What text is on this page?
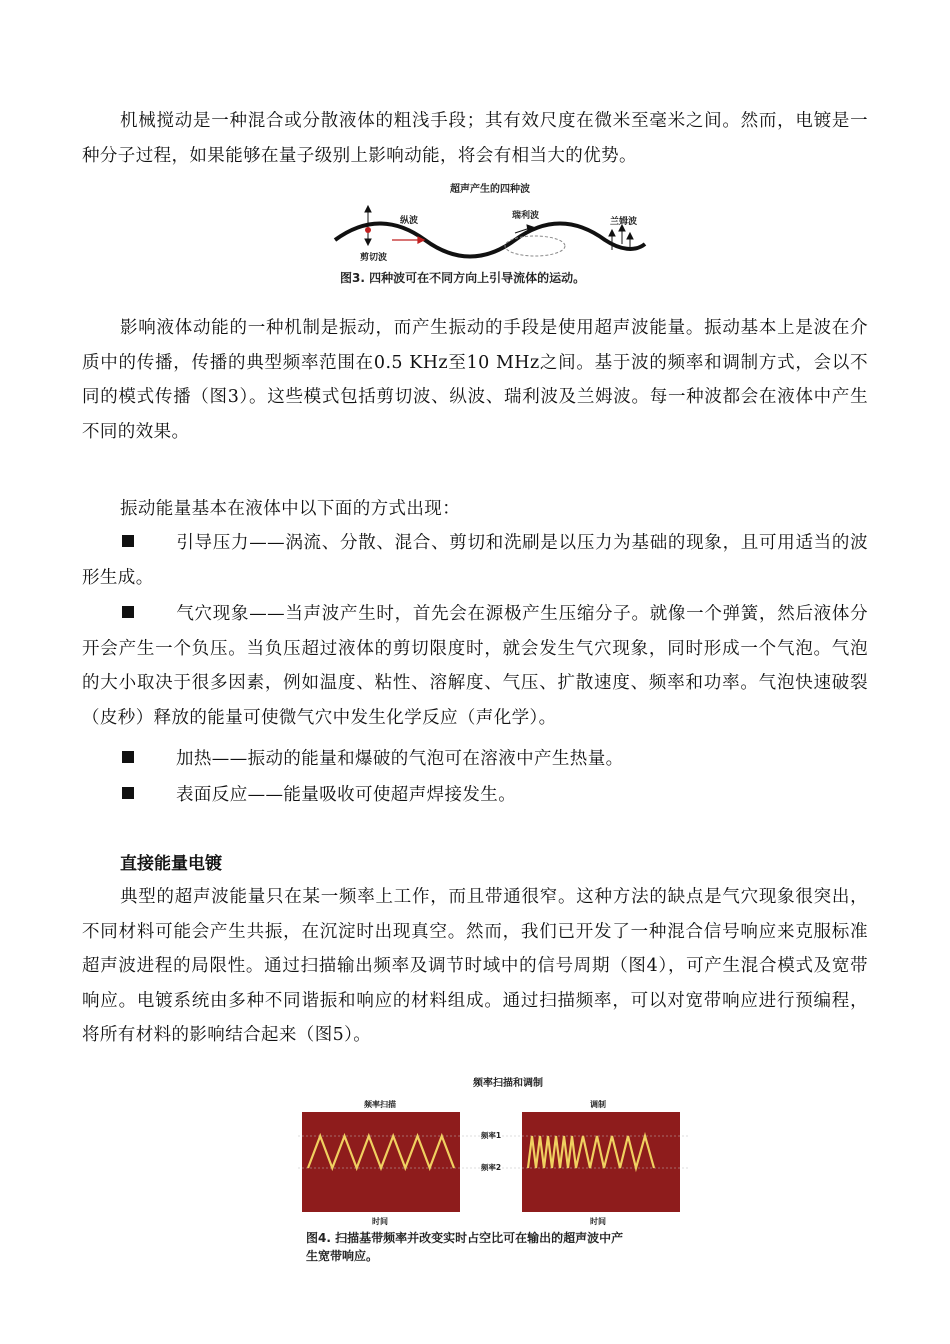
机械搅动是一种混合或分散液体的粗浅手段；其有效尺度在微米至毫米之间。然而，电镀是一种分子过程，如果能够在量子级别上影响动能，将会有相当大的优势。

超声产生的四种波
纵波	瑞利波
兰姆波
剪切波
图3. 四种波可在不同方向上引导流体的运动。

影响液体动能的一种机制是振动，而产生振动的手段是使用超声波能量。振动基本上是波在介质中的传播，传播的典型频率范围在0.5 KHz至10 MHz之间。基于波的频率和调制方式，会以不同的模式传播（图3）。这些模式包括剪切波、纵波、瑞利波及兰姆波。每一种波都会在液体中产生不同的效果。

振动能量基本在液体中以下面的方式出现：

引导压力——涡流、分散、混合、剪切和洗刷是以压力为基础的现象，且可用适当的波形生成。

气穴现象——当声波产生时，首先会在源极产生压缩分子。就像一个弹簧，然后液体分开会产生一个负压。当负压超过液体的剪切限度时，就会发生气穴现象，同时形成一个气泡。气泡的大小取决于很多因素，例如温度、粘性、溶解度、气压、扩散速度、频率和功率。气泡快速破裂（皮秒）释放的能量可使微气穴中发生化学反应（声化学）。

加热——振动的能量和爆破的气泡可在溶液中产生热量。

表面反应——能量吸收可使超声焊接发生。

直接能量电镀

典型的超声波能量只在某一频率上工作，而且带通很窄。这种方法的缺点是气穴现象很突出，不同材料可能会产生共振，在沉淀时出现真空。然而，我们已开发了一种混合信号响应来克服标准超声波进程的局限性。通过扫描输出频率及调节时域中的信号周期（图4），可产生混合模式及宽带响应。电镀系统由多种不同谐振和响应的材料组成。通过扫描频率，可以对宽带响应进行预编程，将所有材料的影响结合起来（图5）。

频率扫描和调制
频率扫描	调制
频率1
频率2
时间	时间
图4. 扫描基带频率并改变实时占空比可在输出的超声波中产
生宽带响应。
